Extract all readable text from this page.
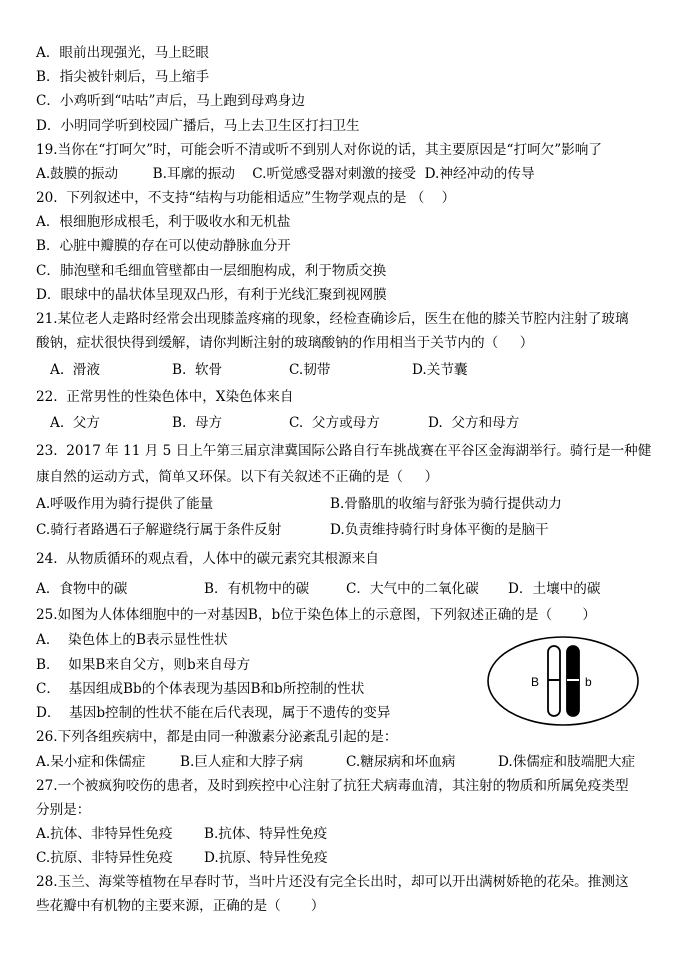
A．眼前出现强光，马上眨眼
B．指尖被针刺后，马上缩手
C．小鸡听到“咕咕”声后，马上跑到母鸡身边
D．小明同学听到校园广播后，马上去卫生区打扫卫生
19.当你在“打呵欠”时，可能会听不清或听不到别人对你说的话，其主要原因是“打呵欠”影响了
A.鼓膜的振动        B.耳廓的振动    C.听觉感受器对刺激的接受  D.神经冲动的传导
20.  下列叙述中，不支持“结构与功能相适应”生物学观点的是 （    ）
A．根细胞形成根毛，利于吸收水和无机盐
B．心脏中瓣膜的存在可以使动静脉血分开
C．肺泡壁和毛细血管壁都由一层细胞构成，利于物质交换
D．眼球中的晶状体呈现双凸形，有利于光线汇聚到视网膜
21.某位老人走路时经常会出现膝盖疼痛的现象，经检查确诊后，医生在他的膝关节腔内注射了玻璃
酸钠，症状很快得到缓解，请你判断注射的玻璃酸钠的作用相当于关节内的（     ）
A.  滑液	B.  软骨	C.韧带	D.关节囊
22.  正常男性的性染色体中，X染色体来自
A.  父方	B.  母方	C.  父方或母方	D.  父方和母方
23.  2017 年 11 月 5 日上午第三届京津冀国际公路自行车挑战赛在平谷区金海湖举行。骑行是一种健
康自然的运动方式，简单又环保。以下有关叙述不正确的是（     ）
A.呼吸作用为骑行提供了能量	B.骨骼肌的收缩与舒张为骑行提供动力
C.骑行者路遇石子解避绕行属于条件反射	D.负责维持骑行时身体平衡的是脑干
24.  从物质循环的观点看，人体中的碳元素究其根源来自
A．食物中的碳	B．有机物中的碳	C．大气中的二氧化碳 D．土壤中的碳
25.如图为人体体细胞中的一对基因B，b位于染色体上的示意图，下列叙述正确的是（       ）
A．  染色体上的B表示显性性状
B．  如果B来自父方，则b来自母方
C．  基因组成Bb的个体表现为基因B和b所控制的性状
D．  基因b控制的性状不能在后代表现，属于不遗传的变异
B	b
26.下列各组疾病中，都是由同一种激素分泌紊乱引起的是：
A.呆小症和侏儒症	B.巨人症和大脖子病	C.糖尿病和坏血病	D.侏儒症和肢端肥大症
27.一个被疯狗咬伤的患者，及时到疾控中心注射了抗狂犬病毒血清，其注射的物质和所属免疫类型
分别是：
A.抗体、非特异性免疫 B.抗体、特异性免疫
C.抗原、非特异性免疫 D.抗原、特异性免疫
28.玉兰、海棠等植物在早春时节，当叶片还没有完全长出时，却可以开出满树娇艳的花朵。推测这
些花瓣中有机物的主要来源，正确的是（       ）
